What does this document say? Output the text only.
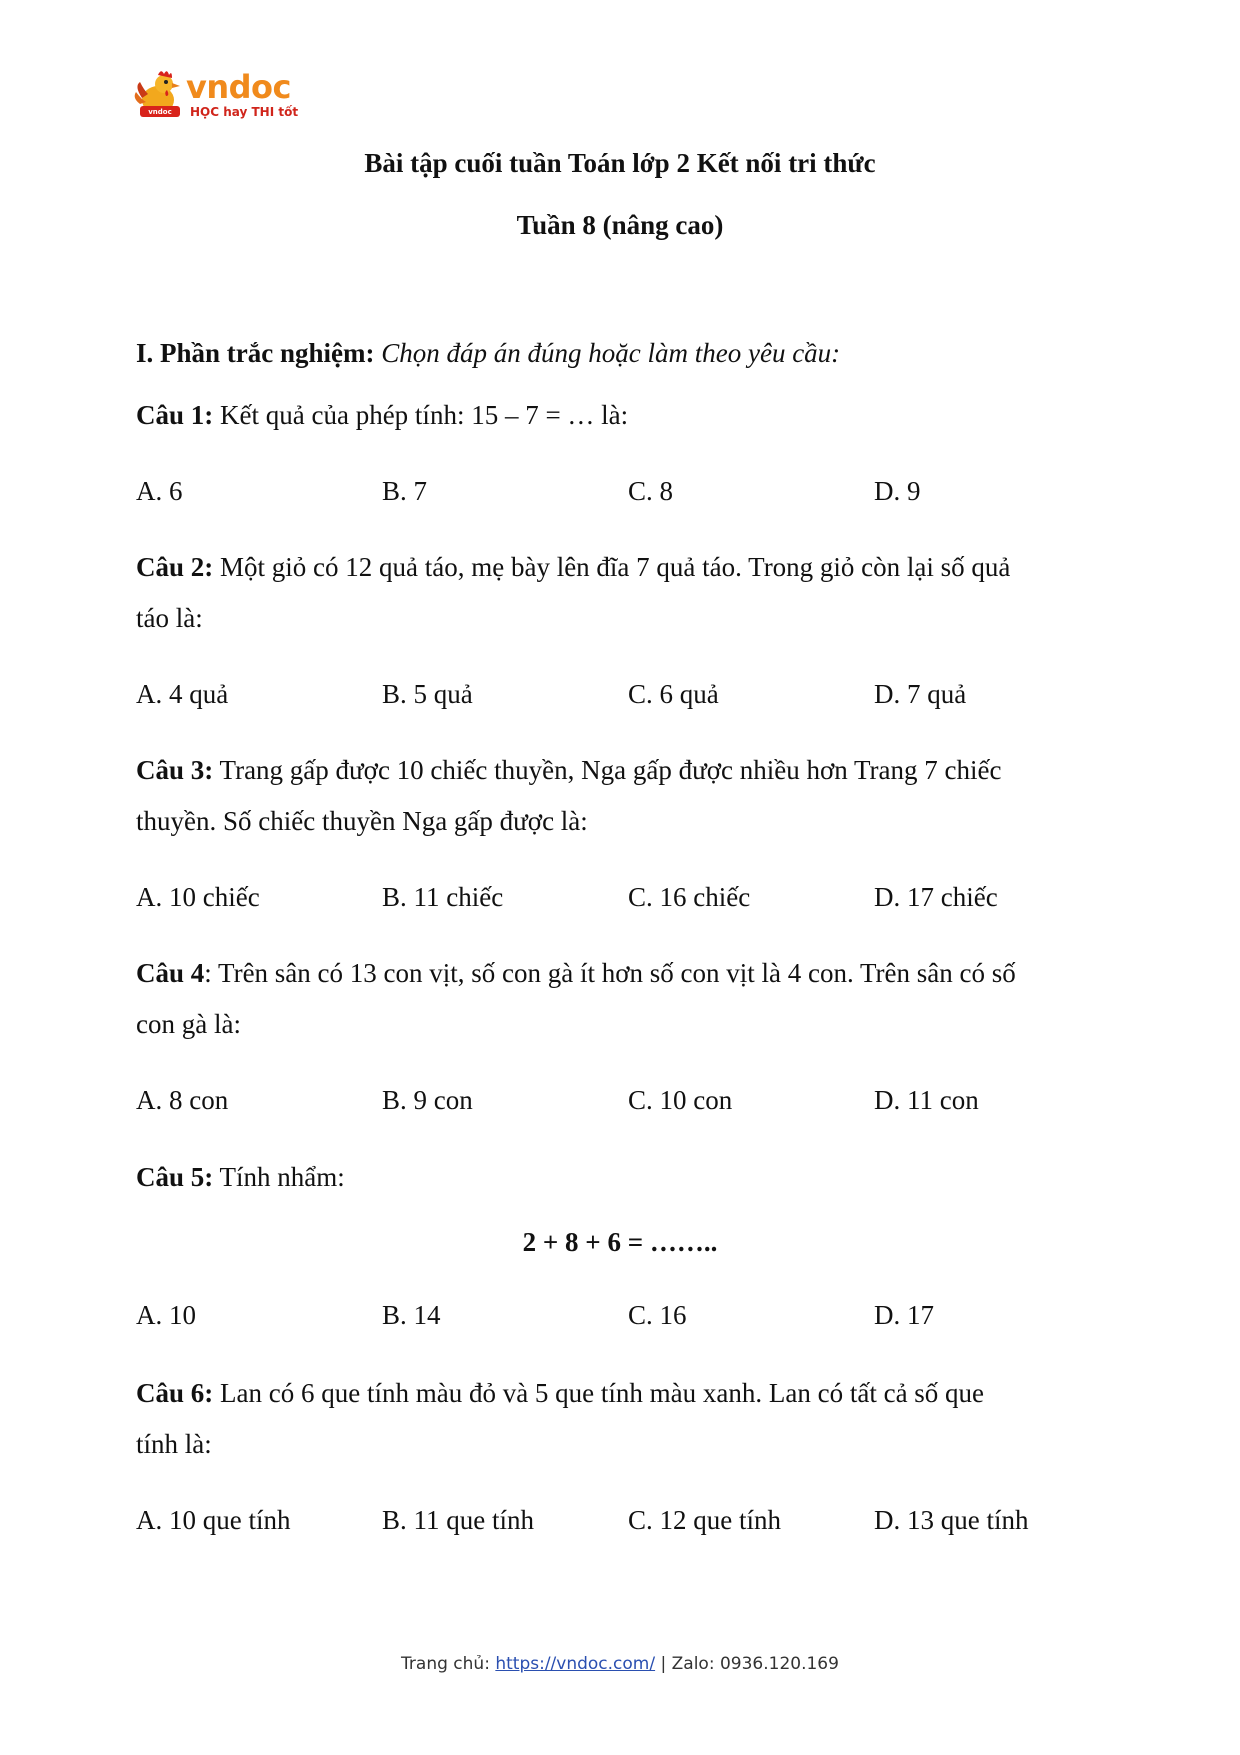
vndoc
vndoc
HỌC hay THI tốt
Bài tập cuối tuần Toán lớp 2 Kết nối tri thức
Tuần 8 (nâng cao)
I. Phần trắc nghiệm: Chọn đáp án đúng hoặc làm theo yêu cầu:
Câu 1: Kết quả của phép tính: 15 – 7 = … là:
A. 6	B. 7	C. 8	D. 9
Câu 2: Một giỏ có 12 quả táo, mẹ bày lên đĩa 7 quả táo. Trong giỏ còn lại số quả
táo là:
A. 4 quả	B. 5 quả	C. 6 quả	D. 7 quả
Câu 3: Trang gấp được 10 chiếc thuyền, Nga gấp được nhiều hơn Trang 7 chiếc
thuyền. Số chiếc thuyền Nga gấp được là:
A. 10 chiếc	B. 11 chiếc	C. 16 chiếc	D. 17 chiếc
Câu 4: Trên sân có 13 con vịt, số con gà ít hơn số con vịt là 4 con. Trên sân có số
con gà là:
A. 8 con	B. 9 con	C. 10 con	D. 11 con
Câu 5: Tính nhẩm:
2 + 8 + 6 = ……..
A. 10	B. 14	C. 16	D. 17
Câu 6: Lan có 6 que tính màu đỏ và 5 que tính màu xanh. Lan có tất cả số que
tính là:
A. 10 que tính	B. 11 que tính	C. 12 que tính	D. 13 que tính
Trang chủ: https://vndoc.com/ | Zalo: 0936.120.169
